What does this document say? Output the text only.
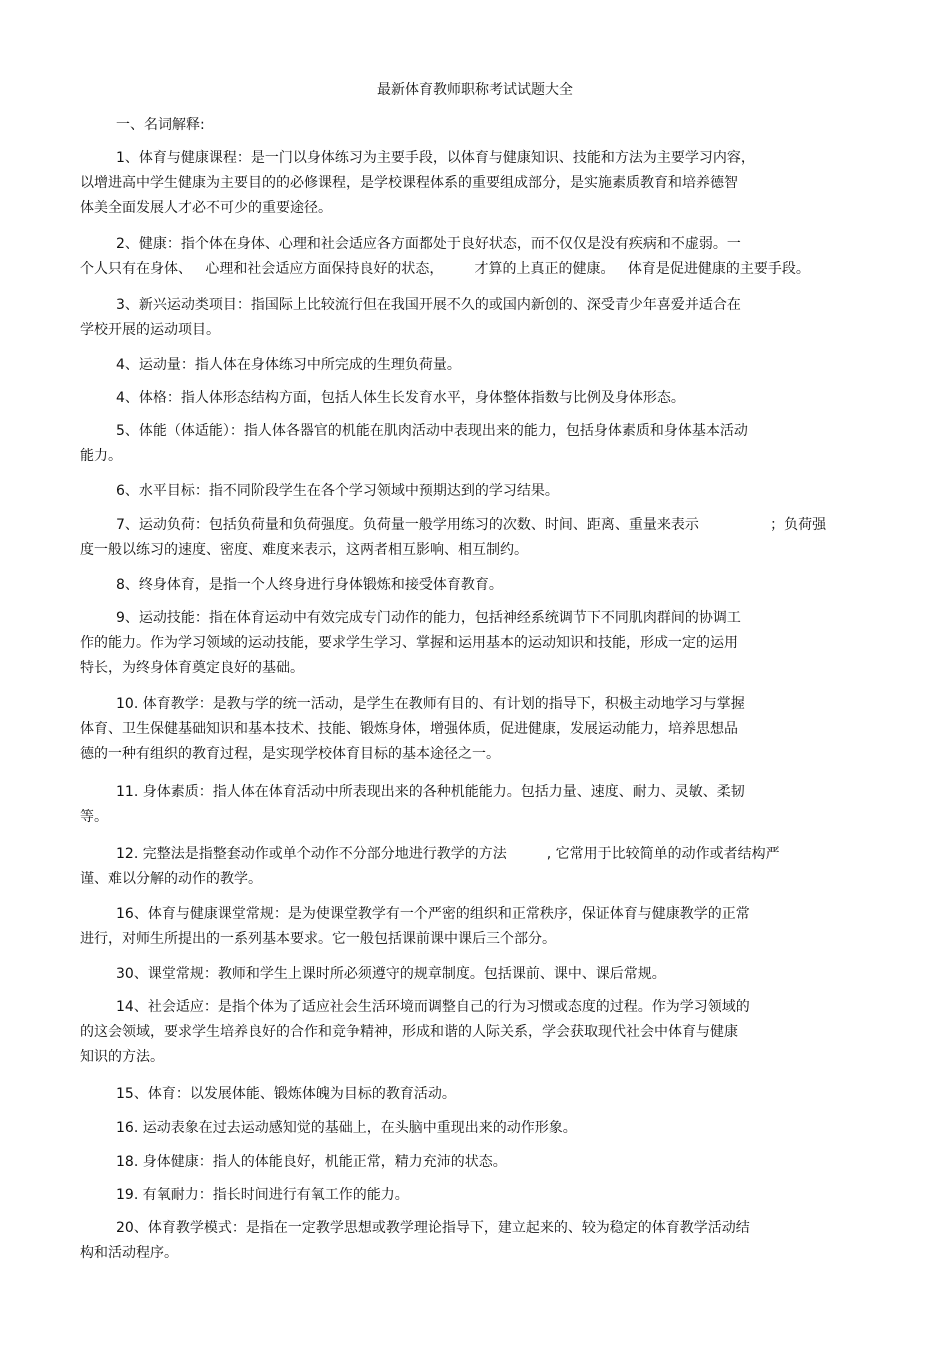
最新体育教师职称考试试题大全
一、名词解释:
1、体育与健康课程：是一门以身体练习为主要手段，以体育与健康知识、技能和方法为主要学习内容，
以增进高中学生健康为主要目的的必修课程，是学校课程体系的重要组成部分，是实施素质教育和培养德智
体美全面发展人才必不可少的重要途径。
2、健康：指个体在身体、心理和社会适应各方面都处于良好状态，而不仅仅是没有疾病和不虚弱。一
个人只有在身体、   心理和社会适应方面保持良好的状态，       才算的上真正的健康。   体育是促进健康的主要手段。
3、新兴运动类项目：指国际上比较流行但在我国开展不久的或国内新创的、深受青少年喜爱并适合在
学校开展的运动项目。
4、运动量：指人体在身体练习中所完成的生理负荷量。
4、体格：指人体形态结构方面，包括人体生长发育水平，身体整体指数与比例及身体形态。
5、体能（体适能）：指人体各器官的机能在肌肉活动中表现出来的能力，包括身体素质和身体基本活动
能力。
6、水平目标：指不同阶段学生在各个学习领域中预期达到的学习结果。
7、运动负荷：包括负荷量和负荷强度。负荷量一般学用练习的次数、时间、距离、重量来表示                ；负荷强
度一般以练习的速度、密度、难度来表示，这两者相互影响、相互制约。
8、终身体育，是指一个人终身进行身体锻炼和接受体育教育。
9、运动技能：指在体育运动中有效完成专门动作的能力，包括神经系统调节下不同肌肉群间的协调工
作的能力。作为学习领域的运动技能，要求学生学习、掌握和运用基本的运动知识和技能，形成一定的运用
特长，为终身体育奠定良好的基础。
10. 体育教学：是教与学的统一活动，是学生在教师有目的、有计划的指导下，积极主动地学习与掌握
体育、卫生保健基础知识和基本技术、技能、锻炼身体，增强体质，促进健康，发展运动能力，培养思想品
德的一种有组织的教育过程，是实现学校体育目标的基本途径之一。
11. 身体素质：指人体在体育活动中所表现出来的各种机能能力。包括力量、速度、耐力、灵敏、柔韧
等。
12. 完整法是指整套动作或单个动作不分部分地进行教学的方法         , 它常用于比较简单的动作或者结构严
谨、难以分解的动作的教学。
16、体育与健康课堂常规：是为使课堂教学有一个严密的组织和正常秩序，保证体育与健康教学的正常
进行，对师生所提出的一系列基本要求。它一般包括课前课中课后三个部分。
30、课堂常规：教师和学生上课时所必须遵守的规章制度。包括课前、课中、课后常规。
14、社会适应：是指个体为了适应社会生活环境而调整自己的行为习惯或态度的过程。作为学习领域的
的这会领域，要求学生培养良好的合作和竞争精神，形成和谐的人际关系，学会获取现代社会中体育与健康
知识的方法。
15、体育：以发展体能、锻炼体魄为目标的教育活动。
16. 运动表象在过去运动感知觉的基础上，在头脑中重现出来的动作形象。
18. 身体健康：指人的体能良好，机能正常，精力充沛的状态。
19. 有氧耐力：指长时间进行有氧工作的能力。
20、体育教学模式：是指在一定教学思想或教学理论指导下，建立起来的、较为稳定的体育教学活动结
构和活动程序。
